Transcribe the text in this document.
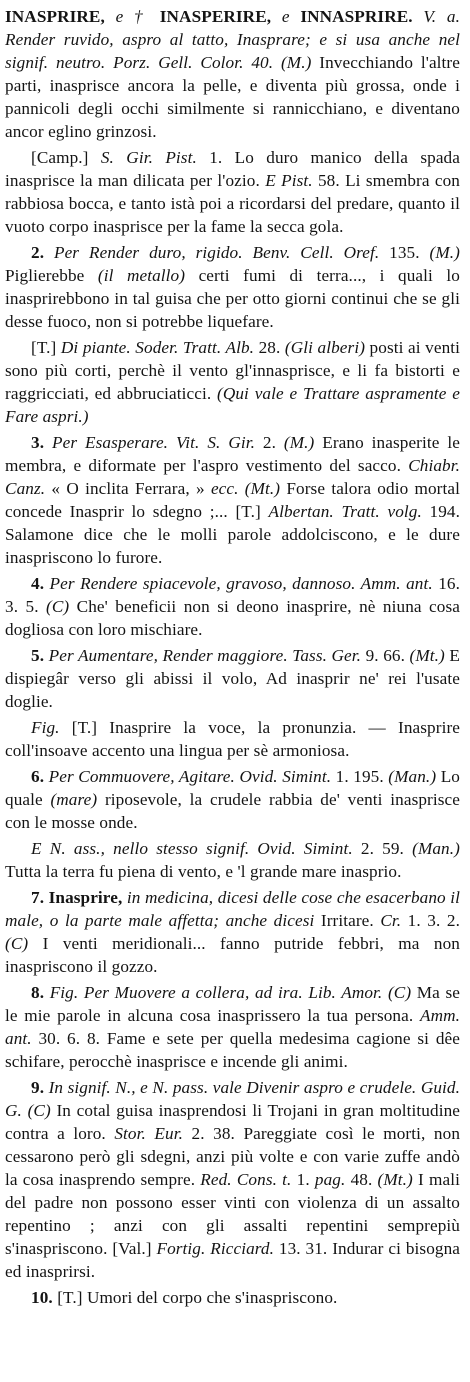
INASPRIRE, e † INASPERIRE, e INNASPRIRE. V. a. Render ruvido, aspro al tatto, Inasprare; e si usa anche nel signif. neutro. Porz. Gell. Color. 40. (M.) Invecchiando l'altre parti, inasprisce ancora la pelle, e diventa più grossa, onde i pannicoli degli occhi similmente si rannicchiano, e diventano ancor eglino grinzosi.

[Camp.] S. Gir. Pist. 1. Lo duro manico della spada inasprisce la man dilicata per l'ozio. E Pist. 58. Li smembra con rabbiosa bocca, e tanto istà poi a ricordarsi del predare, quanto il vuoto corpo inasprisce per la fame la secca gola.

2. Per Render duro, rigido. Benv. Cell. Oref. 135. (M.) Piglierebbe (il metallo) certi fumi di terra..., i quali lo inasprirebbono in tal guisa che per otto giorni continui che se gli desse fuoco, non si potrebbe liquefare.

[T.] Di piante. Soder. Tratt. Alb. 28. (Gli alberi) posti ai venti sono più corti, perchè il vento gl'innasprisce, e li fa bistorti e raggricciati, ed abbruciaticci. (Qui vale e Trattare aspramente e Fare aspri.)

3. Per Esasperare. Vit. S. Gir. 2. (M.) Erano inasperite le membra, e diformate per l'aspro vestimento del sacco. Chiabr. Canz. « O inclita Ferrara, » ecc. (Mt.) Forse talora odio mortal concede Inasprir lo sdegno ;... [T.] Albertan. Tratt. volg. 194. Salamone dice che le molli parole addolciscono, e le dure inaspriscono lo furore.

4. Per Rendere spiacevole, gravoso, dannoso. Amm. ant. 16. 3. 5. (C) Che' beneficii non si deono inasprire, nè niuna cosa dogliosa con loro mischiare.

5. Per Aumentare, Render maggiore. Tass. Ger. 9. 66. (Mt.) E dispiegâr verso gli abissi il volo, Ad inasprir ne' rei l'usate doglie.

Fig. [T.] Inasprire la voce, la pronunzia. — Inasprire coll'insoave accento una lingua per sè armoniosa.

6. Per Commuovere, Agitare. Ovid. Simint. 1. 195. (Man.) Lo quale (mare) riposevole, la crudele rabbia de' venti inasprisce con le mosse onde.

E N. ass., nello stesso signif. Ovid. Simint. 2. 59. (Man.) Tutta la terra fu piena di vento, e 'l grande mare inasprio.

7. Inasprire, in medicina, dicesi delle cose che esacerbano il male, o la parte male affetta; anche dicesi Irritare. Cr. 1. 3. 2. (C) I venti meridionali... fanno putride febbri, ma non inaspriscono il gozzo.

8. Fig. Per Muovere a collera, ad ira. Lib. Amor. (C) Ma se le mie parole in alcuna cosa inasprissero la tua persona. Amm. ant. 30. 6. 8. Fame e sete per quella medesima cagione si dêe schifare, perocchè inasprisce e incende gli animi.

9. In signif. N., e N. pass. vale Divenir aspro e crudele. Guid. G. (C) In cotal guisa inasprendosi li Trojani in gran moltitudine contra a loro. Stor. Eur. 2. 38. Pareggiate così le morti, non cessarono però gli sdegni, anzi più volte e con varie zuffe andò la cosa inasprendo sempre. Red. Cons. t. 1. pag. 48. (Mt.) I mali del padre non possono esser vinti con violenza di un assalto repentino ; anzi con gli assalti repentini semprepiù s'inaspriscono. [Val.] Fortig. Ricciard. 13. 31. Indurar ci bisogna ed inasprirsi.

10. [T.] Umori del corpo che s'inaspriscono.
